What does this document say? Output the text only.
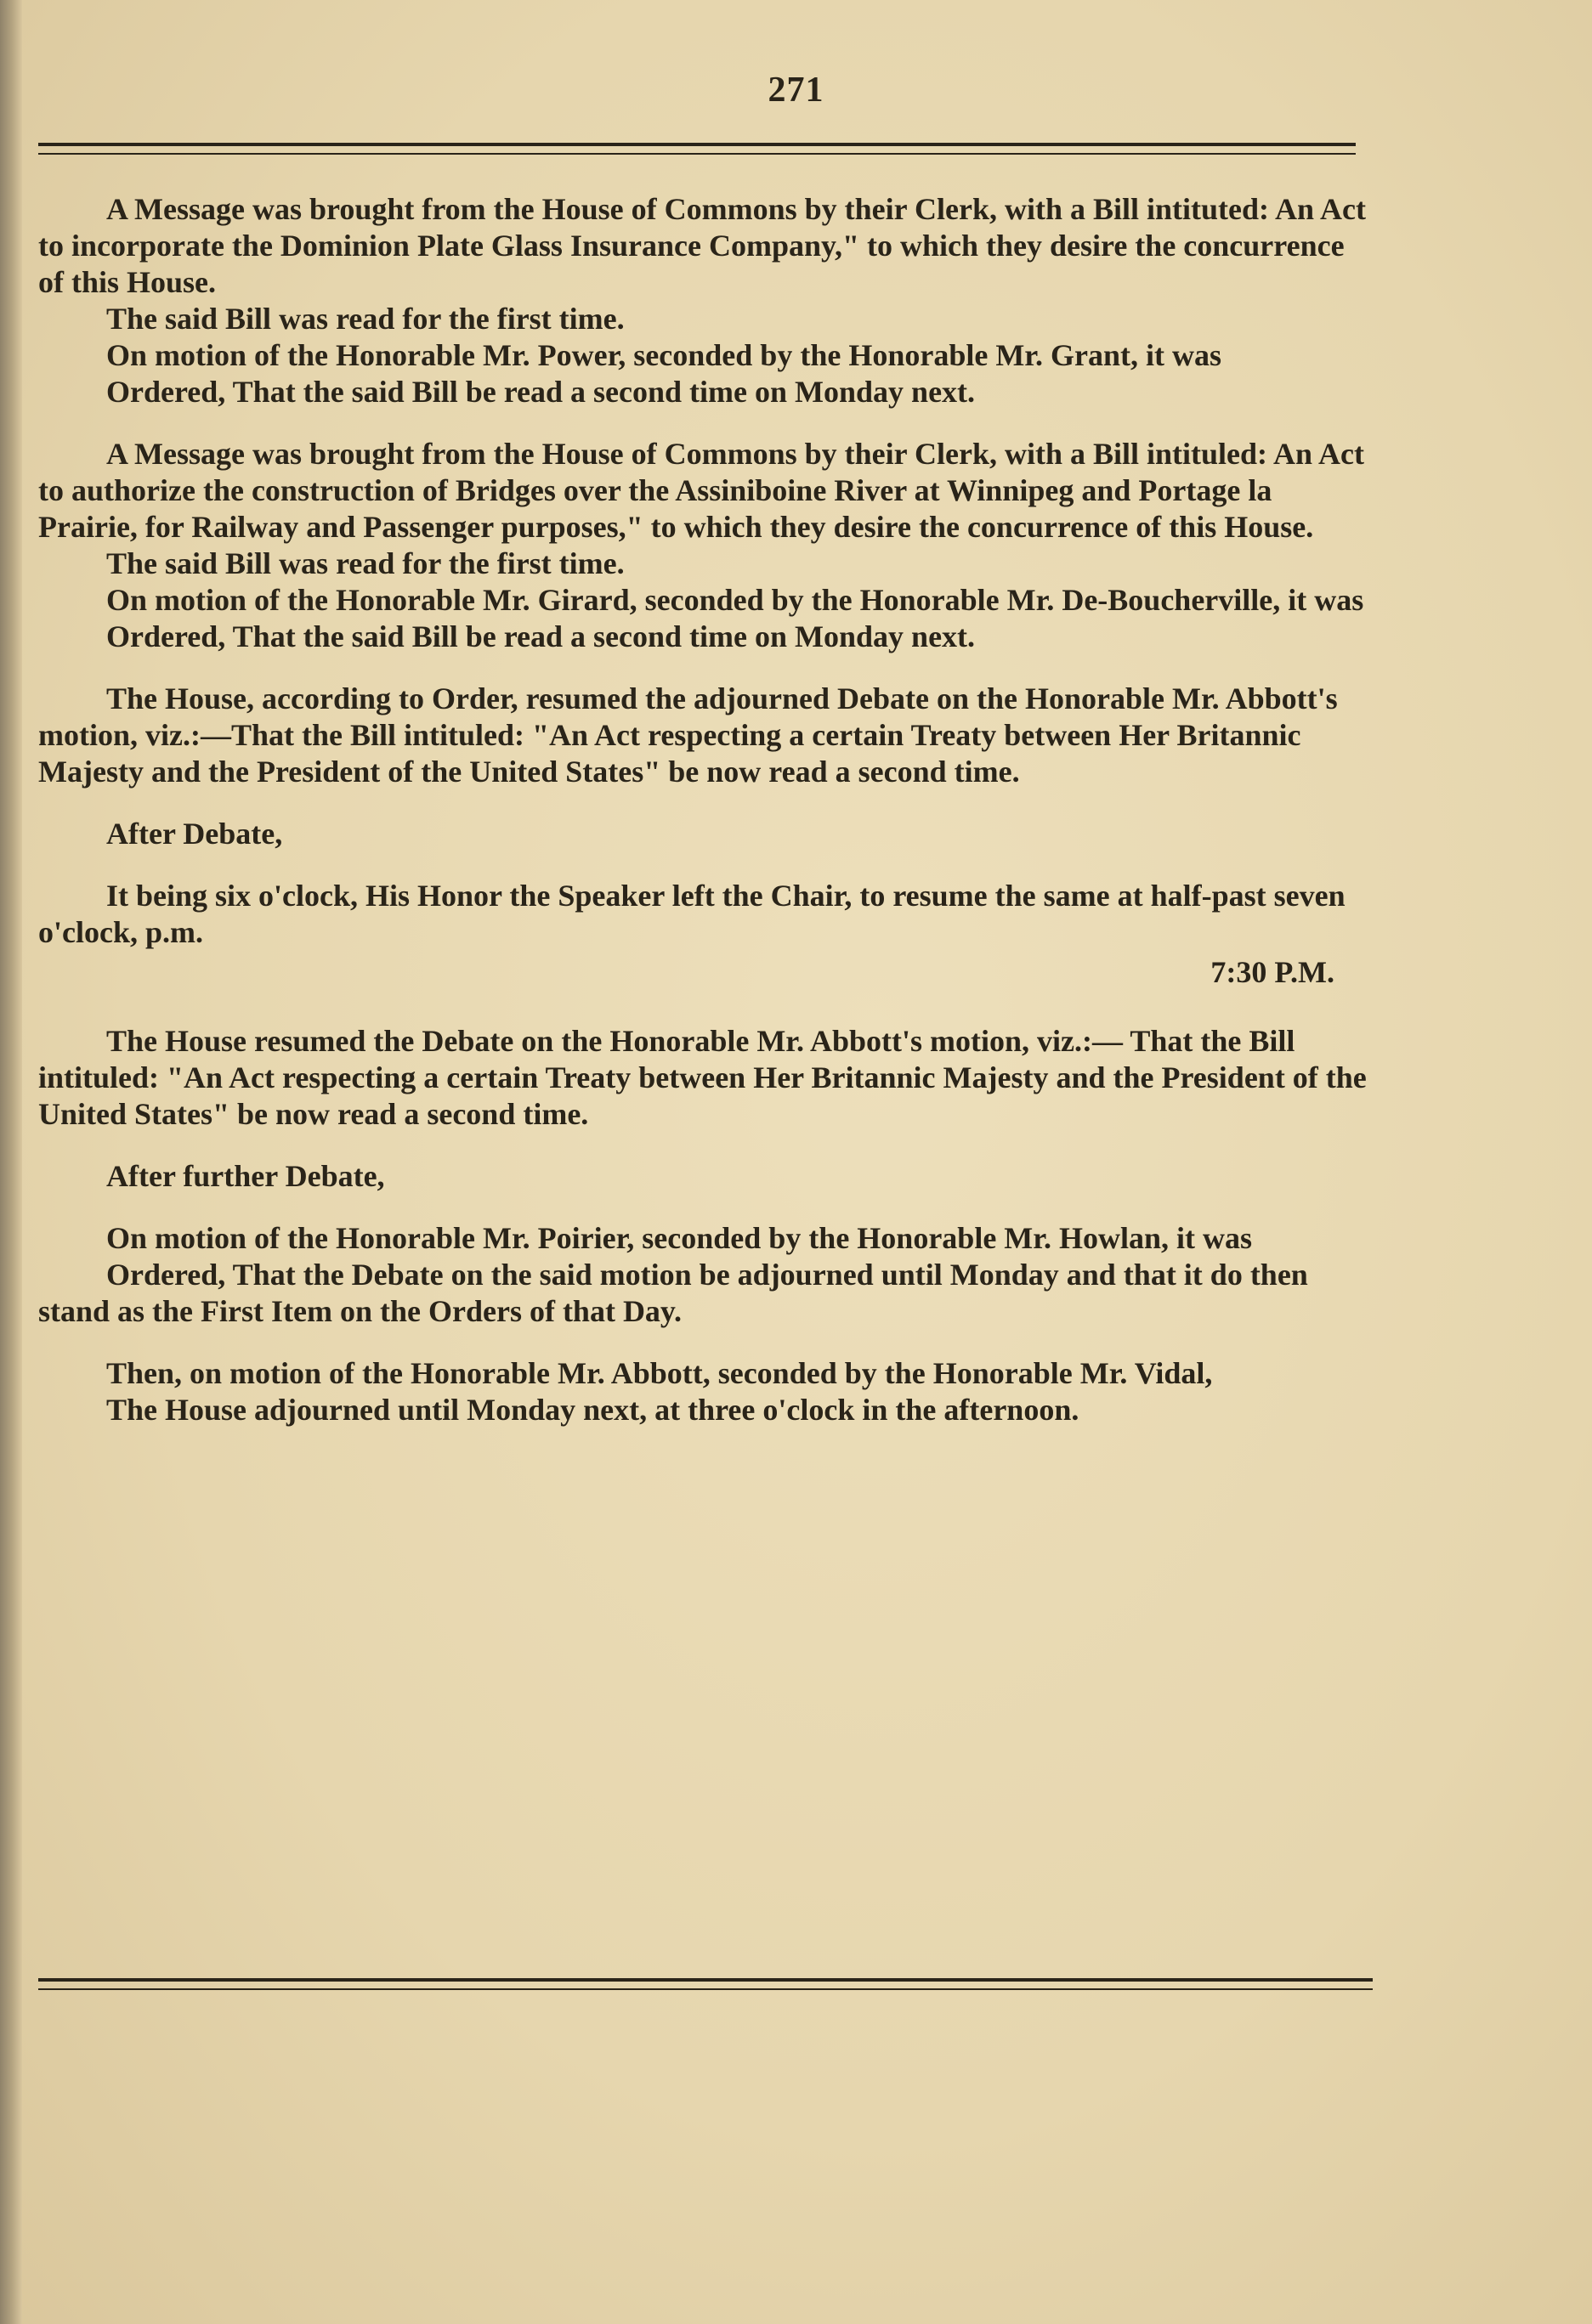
271

A Message was brought from the House of Commons by their Clerk, with a Bill intituted: An Act to incorporate the Dominion Plate Glass Insurance Company," to which they desire the concurrence of this House.

The said Bill was read for the first time.

On motion of the Honorable Mr. Power, seconded by the Honorable Mr. Grant, it was

Ordered, That the said Bill be read a second time on Monday next.

A Message was brought from the House of Commons by their Clerk, with a Bill intituled: An Act to authorize the construction of Bridges over the Assiniboine River at Winnipeg and Portage la Prairie, for Railway and Passenger purposes," to which they desire the concurrence of this House.

The said Bill was read for the first time.

On motion of the Honorable Mr. Girard, seconded by the Honorable Mr. De-Boucherville, it was

Ordered, That the said Bill be read a second time on Monday next.

The House, according to Order, resumed the adjourned Debate on the Honorable Mr. Abbott's motion, viz.:—That the Bill intituled: "An Act respecting a certain Treaty between Her Britannic Majesty and the President of the United States" be now read a second time.

After Debate,

It being six o'clock, His Honor the Speaker left the Chair, to resume the same at half-past seven o'clock, p.m.

7:30 P.M.

The House resumed the Debate on the Honorable Mr. Abbott's motion, viz.:— That the Bill intituled: "An Act respecting a certain Treaty between Her Britannic Majesty and the President of the United States" be now read a second time.

After further Debate,

On motion of the Honorable Mr. Poirier, seconded by the Honorable Mr. Howlan, it was

Ordered, That the Debate on the said motion be adjourned until Monday and that it do then stand as the First Item on the Orders of that Day.

Then, on motion of the Honorable Mr. Abbott, seconded by the Honorable Mr. Vidal,

The House adjourned until Monday next, at three o'clock in the afternoon.
